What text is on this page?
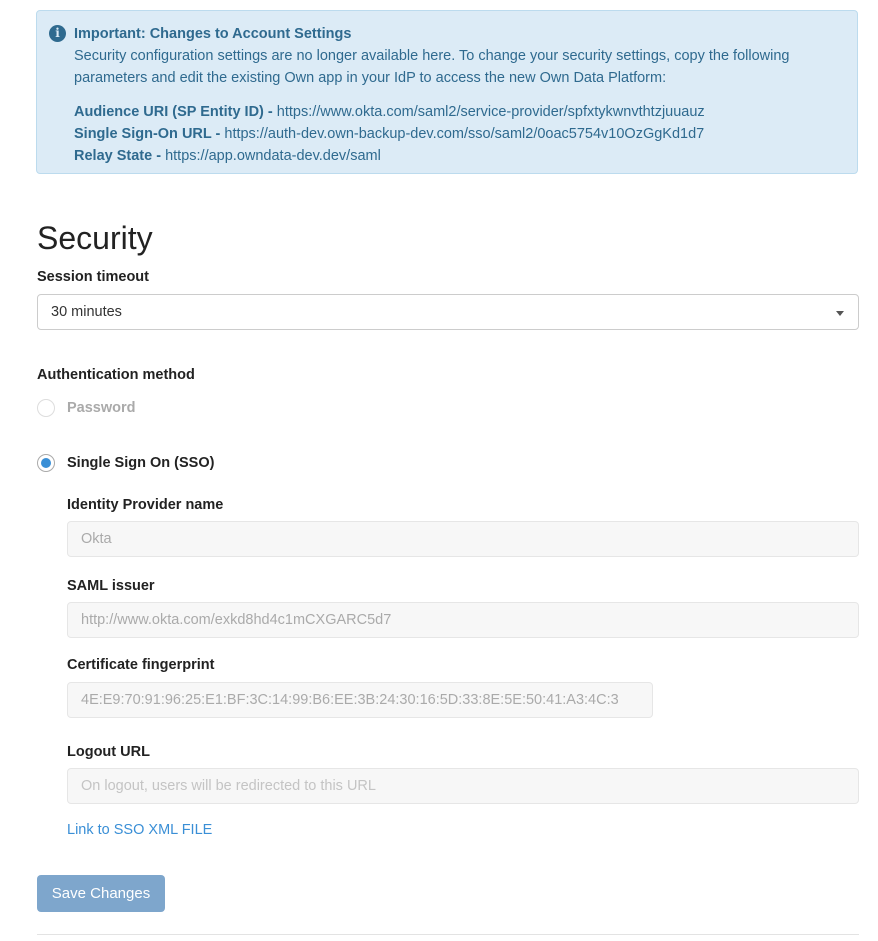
i Important: Changes to Account Settings
Security configuration settings are no longer available here. To change your security settings, copy the following parameters and edit the existing Own app in your IdP to access the new Own Data Platform:
Audience URI (SP Entity ID) - https://www.okta.com/saml2/service-provider/spfxtykwnvthtzjuuauz
Single Sign-On URL - https://auth-dev.own-backup-dev.com/sso/saml2/0oac5754v10OzGgKd1d7
Relay State - https://app.owndata-dev.dev/saml
Security
Session timeout
30 minutes
Authentication method
Password
Single Sign On (SSO)
Identity Provider name
Okta
SAML issuer
http://www.okta.com/exkd8hd4c1mCXGARC5d7
Certificate fingerprint
4E:E9:70:91:96:25:E1:BF:3C:14:99:B6:EE:3B:24:30:16:5D:33:8E:5E:50:41:A3:4C:3
Logout URL
On logout, users will be redirected to this URL
Link to SSO XML FILE
Save Changes
